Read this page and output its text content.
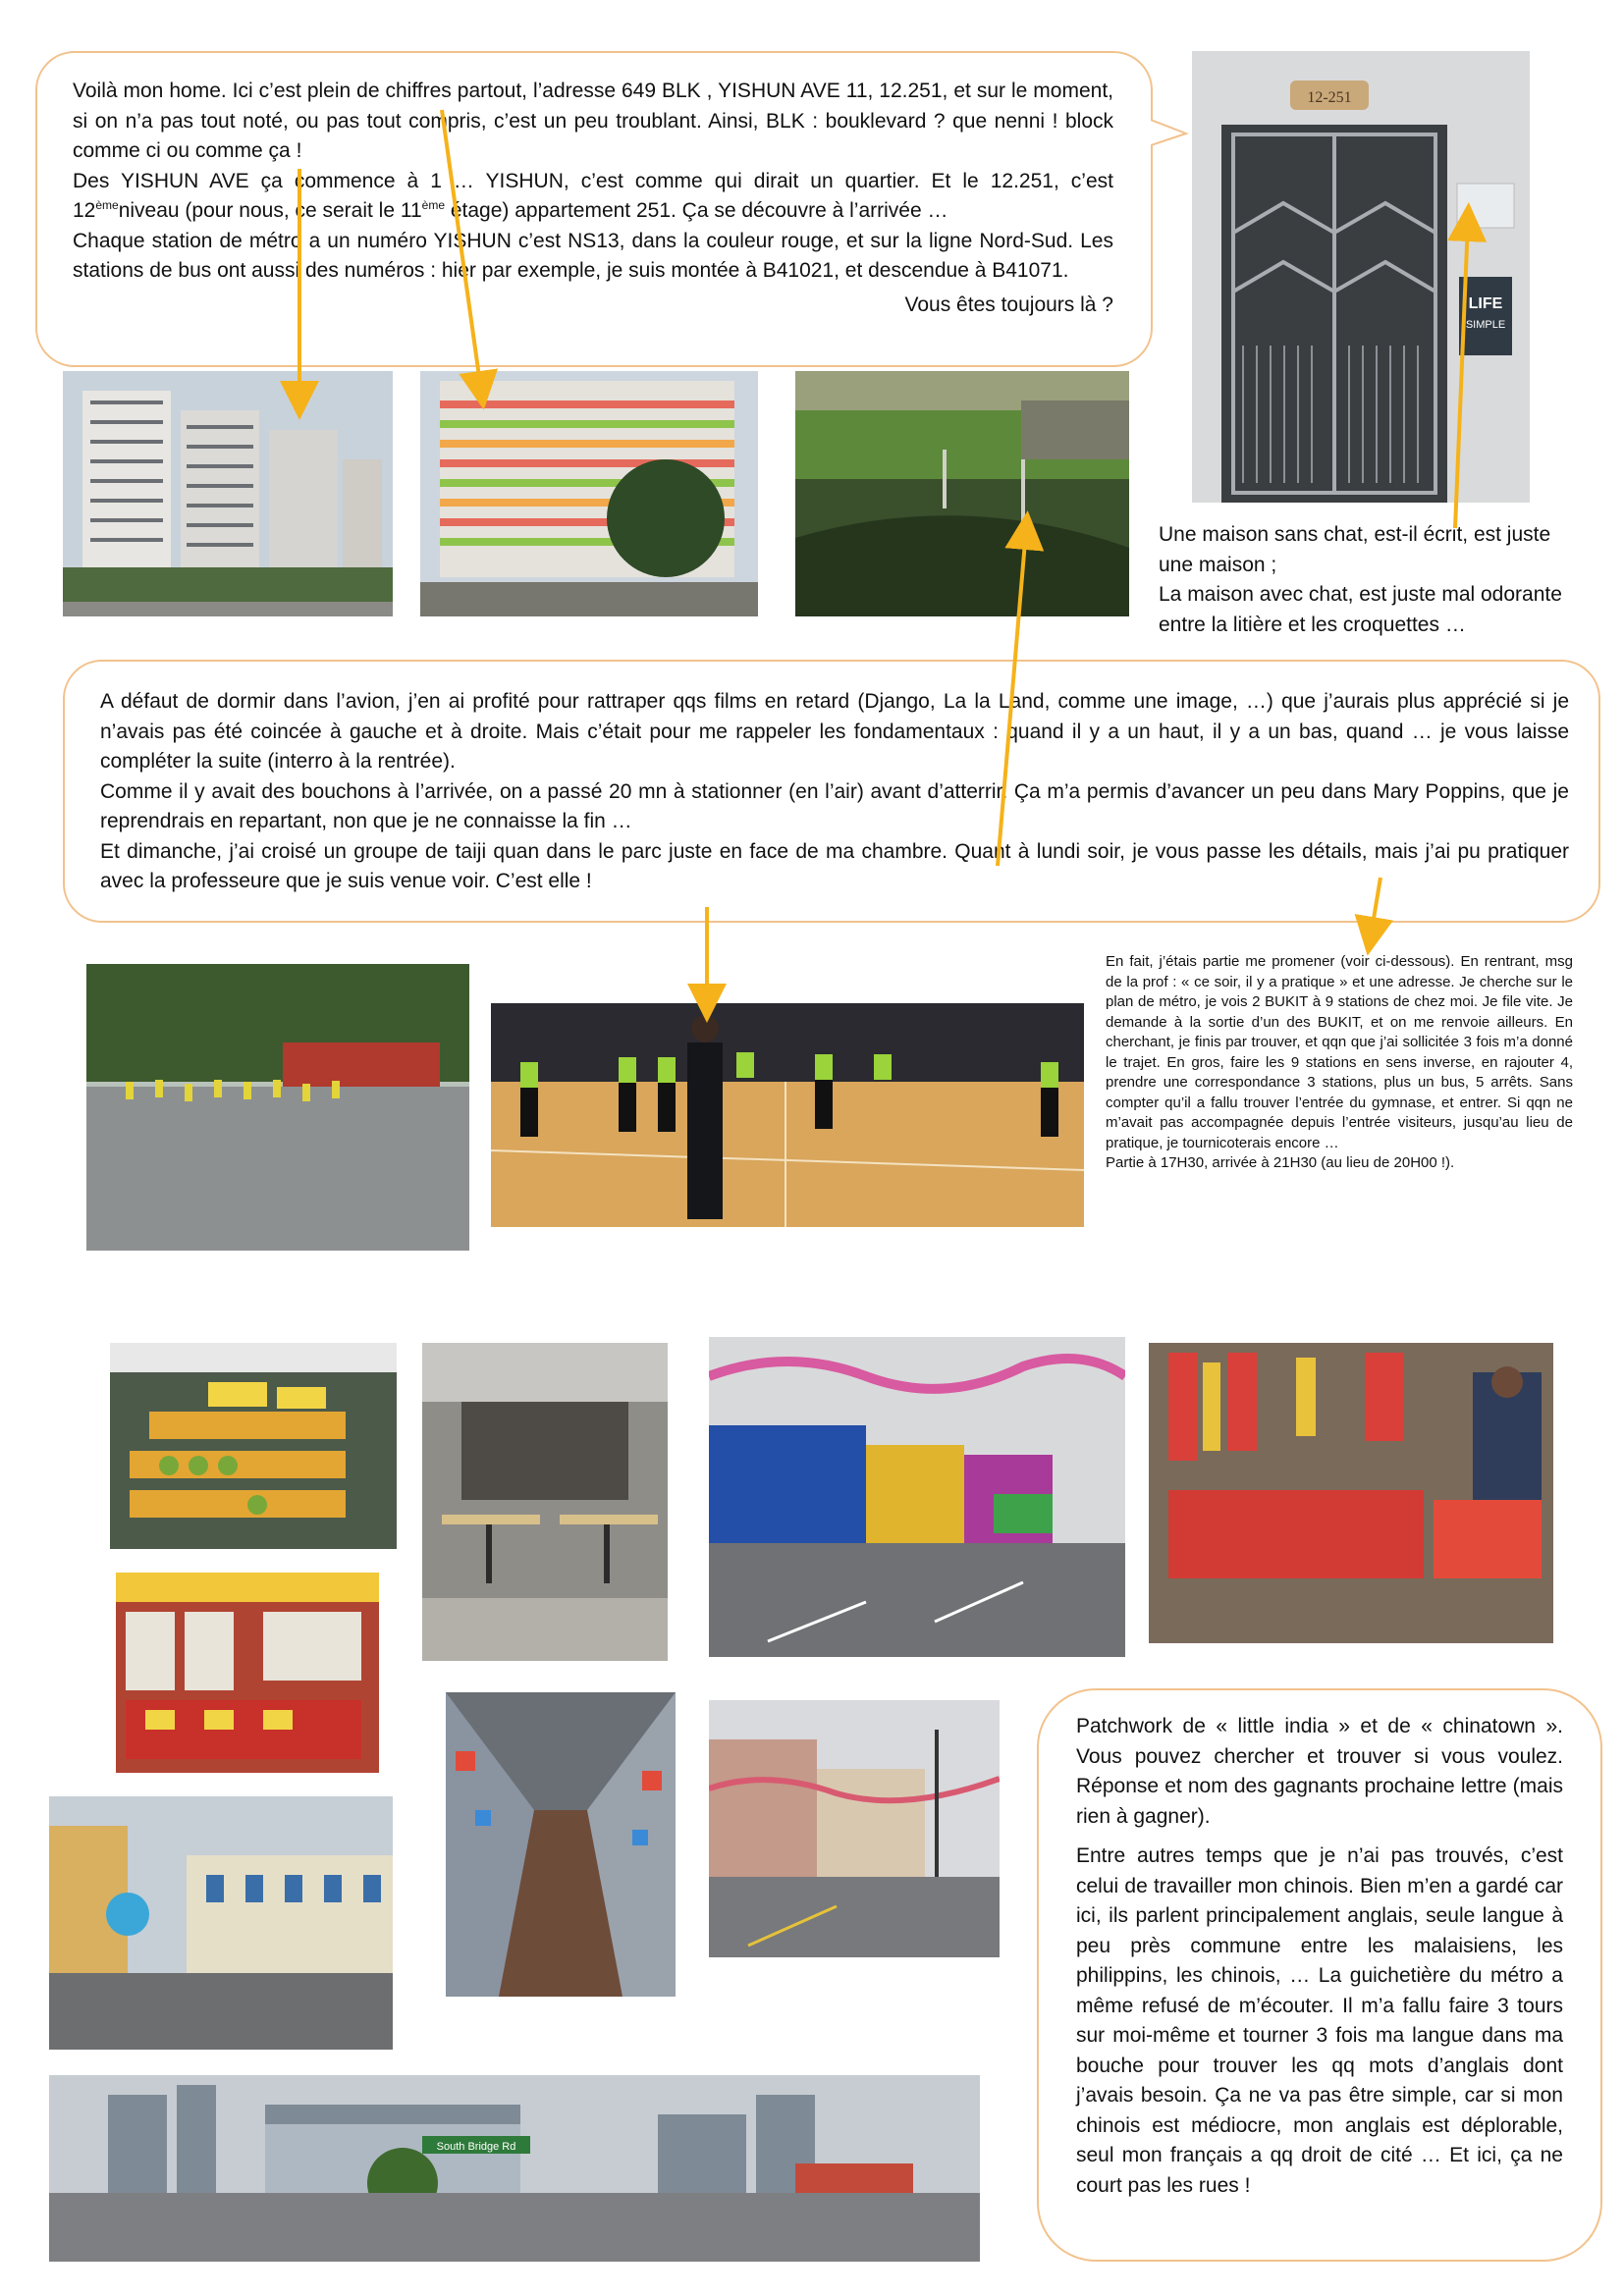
Voilà mon home. Ici c’est plein de chiffres partout, l’adresse 649 BLK , YISHUN AVE 11, 12.251, et sur le moment, si on n’a pas tout noté, ou pas tout compris, c’est un peu troublant. Ainsi, BLK : bouklevard ? que nenni ! block comme ci ou comme ça !

Des YISHUN AVE ça commence à 1 … YISHUN, c’est comme qui dirait un quartier. Et le 12.251, c’est 12èmeniveau (pour nous, ce serait le 11ème étage) appartement 251. Ça se découvre à l’arrivée …

Chaque station de métro a un numéro YISHUN c’est NS13, dans la couleur rouge, et sur la ligne Nord-Sud. Les stations de bus ont aussi des numéros : hier par exemple, je suis montée à B41021, et descendue à B41071.

Vous êtes toujours là ?

12-251
LIFE
SIMPLE

Une maison sans chat, est-il écrit, est juste une maison ;

La maison avec chat, est juste mal odorante entre la litière et les croquettes …

A défaut de dormir dans l’avion, j’en ai profité pour rattraper qqs films en retard (Django, La la Land, comme une image, …) que j’aurais plus apprécié si je n’avais pas été coincée à gauche et à droite. Mais c’était pour me rappeler les fondamentaux : quand il y a un haut, il y a un bas, quand … je vous laisse compléter la suite (interro à la rentrée).

Comme il y avait des bouchons à l’arrivée, on a passé 20 mn à stationner (en l’air) avant d’atterrir. Ça m’a permis d’avancer un peu dans Mary Poppins, que je reprendrais en repartant, non que je ne connaisse la fin …

Et dimanche, j’ai croisé un groupe de taiji quan dans le parc juste en face de ma chambre. Quant à lundi soir, je vous passe les détails, mais j’ai pu pratiquer avec la professeure que je suis venue voir. C’est elle !

En fait, j’étais partie me promener (voir ci-dessous). En rentrant, msg de la prof : « ce soir, il y a pratique » et une adresse. Je cherche sur le plan de métro, je vois 2 BUKIT à 9 stations de chez moi. Je file vite. Je demande à la sortie d’un des BUKIT, et on me renvoie ailleurs. En cherchant, je finis par trouver, et qqn que j’ai sollicitée 3 fois m’a donné le trajet. En gros, faire les 9 stations en sens inverse, en rajouter 4, prendre une correspondance 3 stations, plus un bus, 5 arrêts. Sans compter qu’il a fallu trouver l’entrée du gymnase, et entrer. Si qqn ne m’avait pas accompagnée depuis l’entrée visiteurs, jusqu’au lieu de pratique, je tournicoterais encore …

Partie à 17H30, arrivée à 21H30 (au lieu de 20H00 !).

South Bridge Rd

Patchwork de « little india » et de « chinatown ». Vous pouvez chercher et trouver si vous voulez. Réponse et nom des gagnants prochaine lettre (mais rien à gagner).

Entre autres temps que je n’ai pas trouvés, c’est celui de travailler mon chinois. Bien m’en a gardé car ici, ils parlent principalement anglais, seule langue à peu près commune entre les malaisiens, les philippins, les chinois, … La guichetière du métro a même refusé de m’écouter. Il m’a fallu faire 3 tours sur moi-même et tourner 3 fois ma langue dans ma bouche pour trouver les qq mots d’anglais dont j’avais besoin. Ça ne va pas être simple, car si mon chinois est médiocre, mon anglais est déplorable, seul mon français a qq droit de cité … Et ici, ça ne court pas les rues !
